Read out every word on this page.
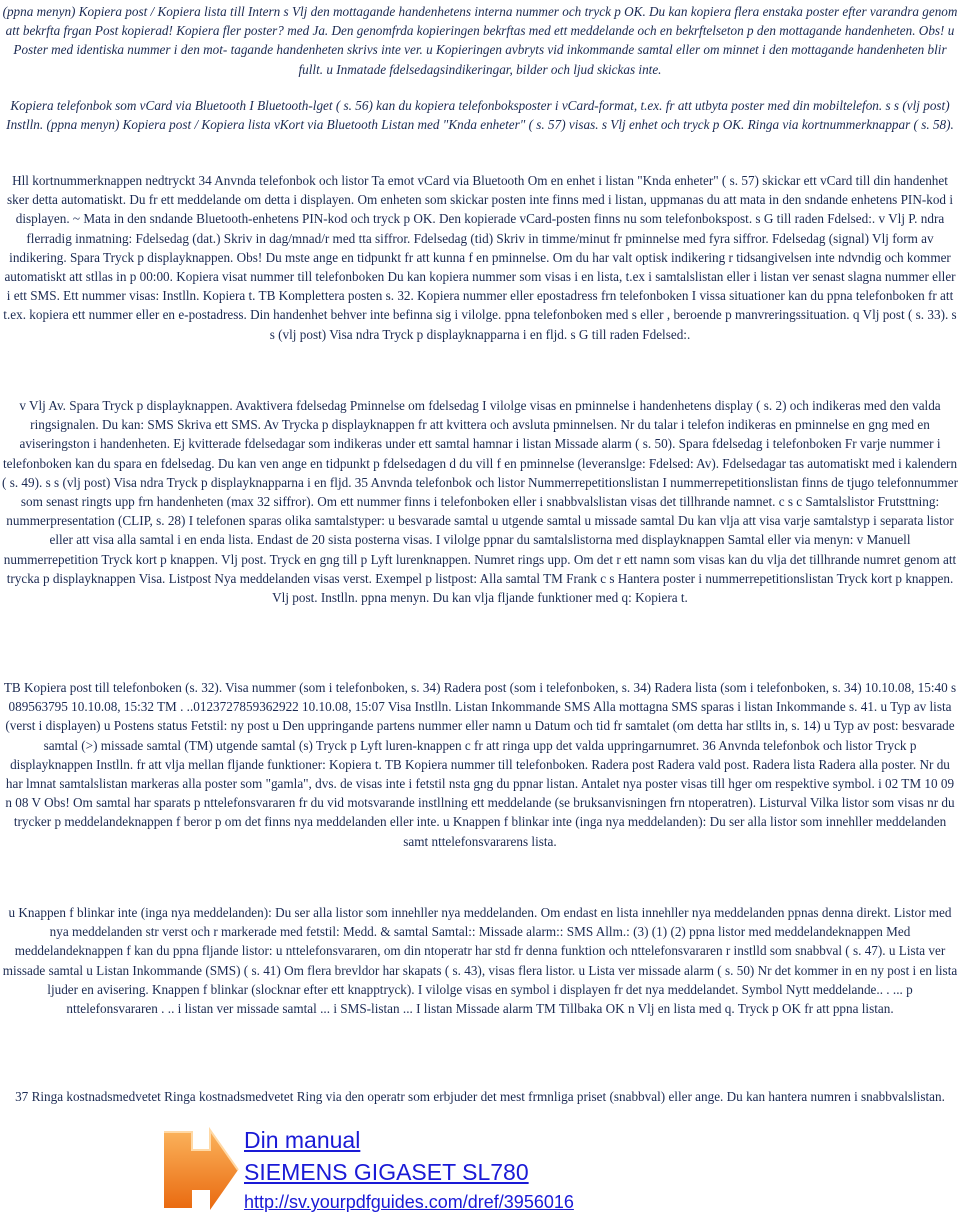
(ppna menyn) Kopiera post / Kopiera lista till Intern s Vlj den mottagande handenhetens interna nummer och tryck p OK. Du kan kopiera flera enstaka poster efter varandra genom att bekrfta frgan Post kopierad! Kopiera fler poster? med Ja. Den genomfrda kopieringen bekrftas med ett meddelande och en bekrftelseton p den mottagande handenheten. Obs! u Poster med identiska nummer i den mot- tagande handenheten skrivs inte ver. u Kopieringen avbryts vid inkommande samtal eller om minnet i den mottagande handenheten blir fullt. u Inmatade fdelsedagsindikeringar, bilder och ljud skickas inte.

Kopiera telefonbok som vCard via Bluetooth I Bluetooth-lget ( s. 56) kan du kopiera telefonboksposter i vCard-format, t.ex. fr att utbyta poster med din mobiltelefon. s s (vlj post) Instlln. (ppna menyn) Kopiera post / Kopiera lista vKort via Bluetooth Listan med "Knda enheter" ( s. 57) visas. s Vlj enhet och tryck p OK. Ringa via kortnummerknappar ( s. 58).

Hll kortnummerknappen nedtryckt 34 Anvnda telefonbok och listor Ta emot vCard via Bluetooth Om en enhet i listan "Knda enheter" ( s. 57) skickar ett vCard till din handenhet sker detta automatiskt. Du fr ett meddelande om detta i displayen. Om enheten som skickar posten inte finns med i listan, uppmanas du att mata in den sndande enhetens PIN-kod i displayen. ~ Mata in den sndande Bluetooth-enhetens PIN-kod och tryck p OK. Den kopierade vCard-posten finns nu som telefonbokspost. s G till raden Fdelsed:. v Vlj P. ndra flerradig inmatning: Fdelsedag (dat.) Skriv in dag/mnad/r med tta siffror. Fdelsedag (tid) Skriv in timme/minut fr pminnelse med fyra siffror. Fdelsedag (signal) Vlj form av indikering. Spara Tryck p displayknappen. Obs! Du mste ange en tidpunkt fr att kunna f en pminnelse. Om du har valt optisk indikering r tidsangivelsen inte ndvndig och kommer automatiskt att stllas in p 00:00. Kopiera visat nummer till telefonboken Du kan kopiera nummer som visas i en lista, t.ex i samtalslistan eller i listan ver senast slagna nummer eller i ett SMS. Ett nummer visas: Instlln. Kopiera t. TB Komplettera posten s. 32. Kopiera nummer eller epostadress frn telefonboken I vissa situationer kan du ppna telefonboken fr att t.ex. kopiera ett nummer eller en e-postadress. Din handenhet behver inte befinna sig i vilolge. ppna telefonboken med s eller , beroende p manvreringssituation. q Vlj post ( s. 33). s s (vlj post) Visa ndra Tryck p displayknapparna i en fljd. s G till raden Fdelsed:.

v Vlj Av. Spara Tryck p displayknappen. Avaktivera fdelsedag Pminnelse om fdelsedag I vilolge visas en pminnelse i handenhetens display ( s. 2) och indikeras med den valda ringsignalen. Du kan: SMS Skriva ett SMS. Av Trycka p displayknappen fr att kvittera och avsluta pminnelsen. Nr du talar i telefon indikeras en pminnelse en gng med en aviseringston i handenheten. Ej kvitterade fdelsedagar som indikeras under ett samtal hamnar i listan Missade alarm ( s. 50). Spara fdelsedag i telefonboken Fr varje nummer i telefonboken kan du spara en fdelsedag. Du kan ven ange en tidpunkt p fdelsedagen d du vill f en pminnelse (leveranslge: Fdelsed: Av). Fdelsedagar tas automatiskt med i kalendern ( s. 49). s s (vlj post) Visa ndra Tryck p displayknapparna i en fljd. 35 Anvnda telefonbok och listor Nummerrepetitionslistan I nummerrepetitionslistan finns de tjugo telefonnummer som senast ringts upp frn handenheten (max 32 siffror). Om ett nummer finns i telefonboken eller i snabbvalslistan visas det tillhrande namnet. c s c Samtalslistor Frutsttning: nummerpresentation (CLIP, s. 28) I telefonen sparas olika samtalstyper: u besvarade samtal u utgende samtal u missade samtal Du kan vlja att visa varje samtalstyp i separata listor eller att visa alla samtal i en enda lista. Endast de 20 sista posterna visas. I vilolge ppnar du samtalslistorna med displayknappen Samtal eller via menyn: v Manuell nummerrepetition Tryck kort p knappen. Vlj post. Tryck en gng till p Lyft lurenknappen. Numret rings upp. Om det r ett namn som visas kan du vlja det tillhrande numret genom att trycka p displayknappen Visa. Listpost Nya meddelanden visas verst. Exempel p listpost: Alla samtal TM Frank c s Hantera poster i nummerrepetitionslistan Tryck kort p knappen. Vlj post. Instlln. ppna menyn. Du kan vlja fljande funktioner med q: Kopiera t.

TB Kopiera post till telefonboken (s. 32). Visa nummer (som i telefonboken, s. 34) Radera post (som i telefonboken, s. 34) Radera lista (som i telefonboken, s. 34) 10.10.08, 15:40 s 089563795 10.10.08, 15:32 TM . ..0123727859362922 10.10.08, 15:07 Visa Instlln. Listan Inkommande SMS Alla mottagna SMS sparas i listan Inkommande s. 41. u Typ av lista (verst i displayen) u Postens status Fetstil: ny post u Den uppringande partens nummer eller namn u Datum och tid fr samtalet (om detta har stllts in, s. 14) u Typ av post: besvarade samtal (>) missade samtal (TM) utgende samtal (s) Tryck p Lyft luren-knappen c fr att ringa upp det valda uppringarnumret. 36 Anvnda telefonbok och listor Tryck p displayknappen Instlln. fr att vlja mellan fljande funktioner: Kopiera t. TB Kopiera nummer till telefonboken. Radera post Radera vald post. Radera lista Radera alla poster. Nr du har lmnat samtalslistan markeras alla poster som "gamla", dvs. de visas inte i fetstil nsta gng du ppnar listan. Antalet nya poster visas till hger om respektive symbol. i 02 TM 10 09 n 08 V Obs! Om samtal har sparats p nttelefonsvararen fr du vid motsvarande instllning ett meddelande (se bruksanvisningen frn ntoperatren). Listurval Vilka listor som visas nr du trycker p meddelandeknappen f beror p om det finns nya meddelanden eller inte. u Knappen f blinkar inte (inga nya meddelanden): Du ser alla listor som innehller meddelanden samt nttelefonsvararens lista.

u Knappen f blinkar inte (inga nya meddelanden): Du ser alla listor som innehller nya meddelanden. Om endast en lista innehller nya meddelanden ppnas denna direkt. Listor med nya meddelanden str verst och r markerade med fetstil: Medd. & samtal Samtal:: Missade alarm:: SMS Allm.: (3) (1) (2) ppna listor med meddelandeknappen Med meddelandeknappen f kan du ppna fljande listor: u nttelefonsvararen, om din ntoperatr har std fr denna funktion och nttelefonsvararen r instlld som snabbval ( s. 47). u Lista ver missade samtal u Listan Inkommande (SMS) ( s. 41) Om flera brevldor har skapats ( s. 43), visas flera listor. u Lista ver missade alarm ( s. 50) Nr det kommer in en ny post i en lista ljuder en avisering. Knappen f blinkar (slocknar efter ett knapptryck). I vilolge visas en symbol i displayen fr det nya meddelandet. Symbol Nytt meddelande.. . ... p nttelefonsvararen . .. i listan ver missade samtal ... i SMS-listan ... I listan Missade alarm TM Tillbaka OK n Vlj en lista med q. Tryck p OK fr att ppna listan.

37 Ringa kostnadsmedvetet Ringa kostnadsmedvetet Ring via den operatr som erbjuder det mest frmnliga priset (snabbval) eller ange. Du kan hantera numren i snabbvalslistan.

Din manual
SIEMENS GIGASET SL780
http://sv.yourpdfguides.com/dref/3956016
